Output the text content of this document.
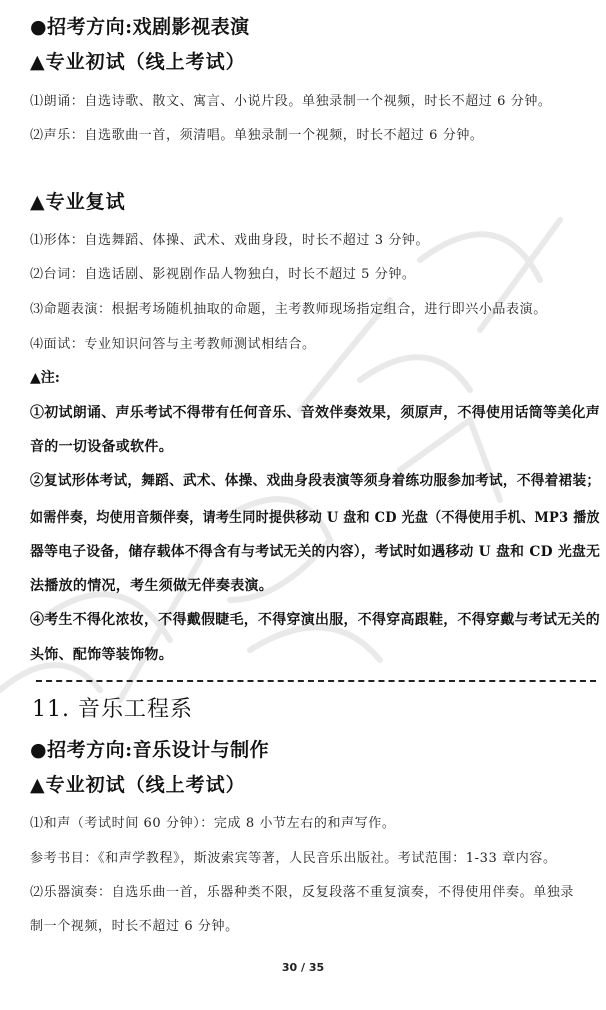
●招考方向:戏剧影视表演
▲专业初试（线上考试）
⑴朗诵：自选诗歌、散文、寓言、小说片段。单独录制一个视频，时长不超过 6 分钟。
⑵声乐：自选歌曲一首，须清唱。单独录制一个视频，时长不超过 6 分钟。
▲专业复试
⑴形体：自选舞蹈、体操、武术、戏曲身段，时长不超过 3 分钟。
⑵台词：自选话剧、影视剧作品人物独白，时长不超过 5 分钟。
⑶命题表演：根据考场随机抽取的命题，主考教师现场指定组合，进行即兴小品表演。
⑷面试：专业知识问答与主考教师测试相结合。
▲注:
①初试朗诵、声乐考试不得带有任何音乐、音效伴奏效果，须原声，不得使用话筒等美化声
音的一切设备或软件。
②复试形体考试，舞蹈、武术、体操、戏曲身段表演等须身着练功服参加考试，不得着裙装；
如需伴奏，均使用音频伴奏，请考生同时提供移动 U 盘和 CD 光盘（不得使用手机、MP3 播放
器等电子设备，储存载体不得含有与考试无关的内容），考试时如遇移动 U 盘和 CD 光盘无
法播放的情况，考生须做无伴奏表演。
④考生不得化浓妆，不得戴假睫毛，不得穿演出服，不得穿高跟鞋，不得穿戴与考试无关的
头饰、配饰等装饰物。
11. 音乐工程系
●招考方向:音乐设计与制作
▲专业初试（线上考试）
⑴和声（考试时间 60 分钟）：完成 8 小节左右的和声写作。
参考书目：《和声学教程》，斯波索宾等著，人民音乐出版社。考试范围：1-33 章内容。
⑵乐器演奏：自选乐曲一首，乐器种类不限，反复段落不重复演奏，不得使用伴奏。单独录
制一个视频，时长不超过 6 分钟。
30 / 35
